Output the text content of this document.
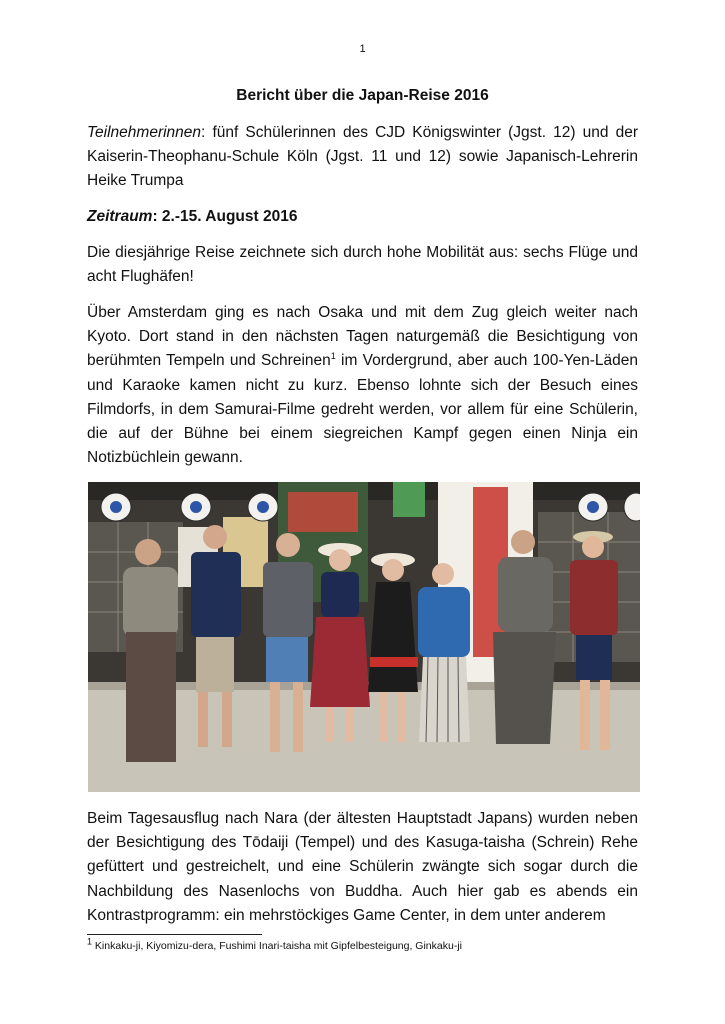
1
Bericht über die Japan-Reise 2016

Teilnehmerinnen: fünf Schülerinnen des CJD Königswinter (Jgst. 12) und der Kaiserin-Theophanu-Schule Köln (Jgst. 11 und 12) sowie Japanisch-Lehrerin Heike Trumpa

Zeitraum: 2.-15. August 2016

Die diesjährige Reise zeichnete sich durch hohe Mobilität aus: sechs Flüge und acht Flughäfen!

Über Amsterdam ging es nach Osaka und mit dem Zug gleich weiter nach Kyoto. Dort stand in den nächsten Tagen naturgemäß die Besichtigung von berühmten Tempeln und Schreinen$^1$ im Vordergrund, aber auch 100-Yen-Läden und Karaoke kamen nicht zu kurz. Ebenso lohnte sich der Besuch eines Filmdorfs, in dem Samurai-Filme gedreht werden, vor allem für eine Schülerin, die auf der Bühne bei einem siegreichen Kampf gegen einen Ninja ein Notizbüchlein gewann.

Beim Tagesausflug nach Nara (der ältesten Hauptstadt Japans) wurden neben der Besichtigung des Tōdaiji (Tempel) und des Kasuga-taisha (Schrein) Rehe gefüttert und gestreichelt, und eine Schülerin zwängte sich sogar durch die Nachbildung des Nasenlochs von Buddha. Auch hier gab es abends ein Kontrastprogramm: ein mehrstöckiges Game Center, in dem unter anderem

$^1$ Kinkaku-ji, Kiyomizu-dera, Fushimi Inari-taisha mit Gipfelbesteigung, Ginkaku-ji
